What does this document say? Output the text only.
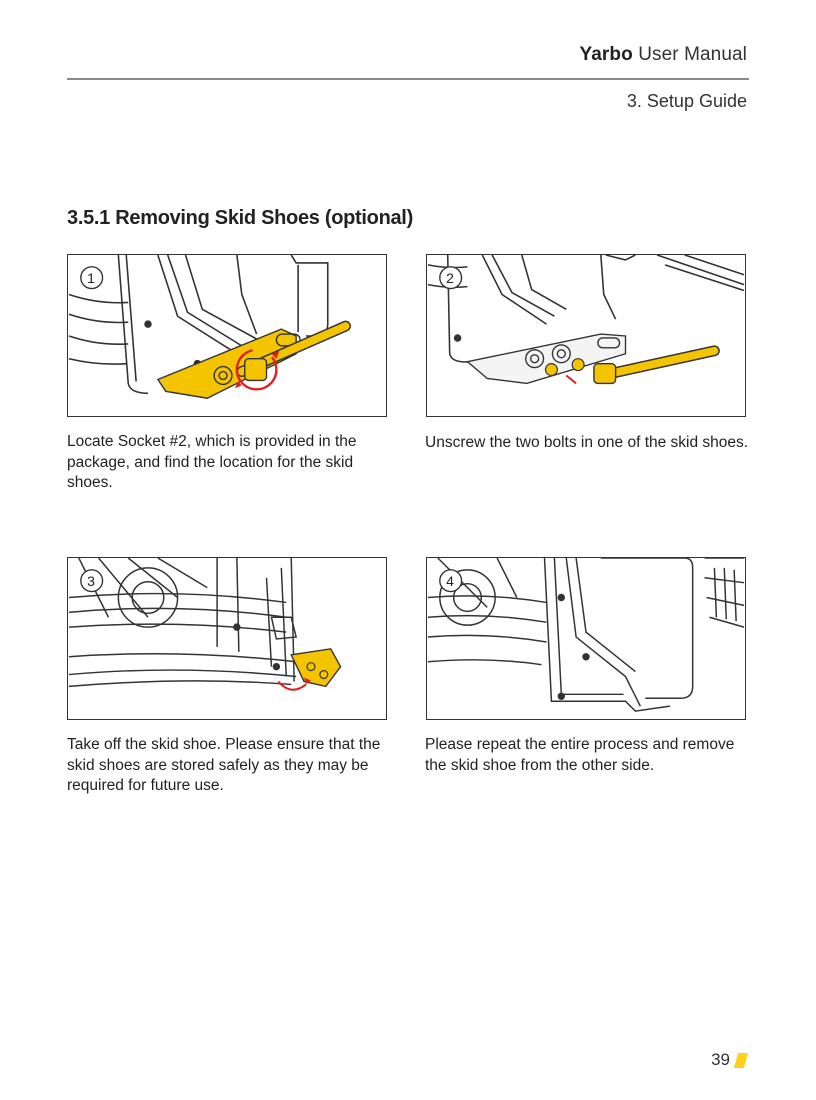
Yarbo User Manual
3. Setup Guide
3.5.1 Removing Skid Shoes (optional)
1
Locate Socket #2, which is provided in the package, and find the location for the skid shoes.
2
Unscrew the two bolts in one of the skid shoes.
3
Take off the skid shoe. Please ensure that the skid shoes are stored safely as they may be required for future use.
4
Please repeat the entire process and remove the skid shoe from the other side.
39
